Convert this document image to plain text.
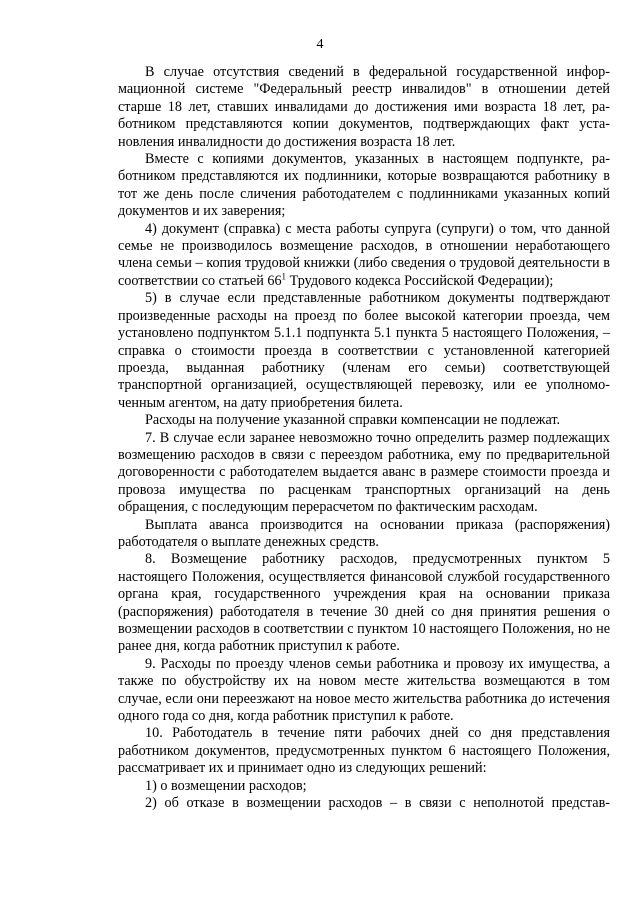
4

В случае отсутствия сведений в федеральной государственной информационной системе "Федеральный реестр инвалидов" в отношении детей старше 18 лет, ставших инвалидами до достижения ими возраста 18 лет, работником представляются копии документов, подтверждающих факт установления инвалидности до достижения возраста 18 лет.

Вместе с копиями документов, указанных в настоящем подпункте, работником представляются их подлинники, которые возвращаются работнику в тот же день после сличения работодателем с подлинниками указанных копий документов и их заверения;

4) документ (справка) с места работы супруга (супруги) о том, что данной семье не производилось возмещение расходов, в отношении неработающего члена семьи – копия трудовой книжки (либо сведения о трудовой деятельности в соответствии со статьей $66^1$ Трудового кодекса Российской Федерации);

5) в случае если представленные работником документы подтверждают произведенные расходы на проезд по более высокой категории проезда, чем установлено подпунктом 5.1.1 подпункта 5.1 пункта 5 настоящего Положения, – справка о стоимости проезда в соответствии с установленной категорией проезда, выданная работнику (членам его семьи) соответствующей транспортной организацией, осуществляющей перевозку, или ее уполномоченным агентом, на дату приобретения билета.

Расходы на получение указанной справки компенсации не подлежат.

7. В случае если заранее невозможно точно определить размер подлежащих возмещению расходов в связи с переездом работника, ему по предварительной договоренности с работодателем выдается аванс в размере стоимости проезда и провоза имущества по расценкам транспортных организаций на день обращения, с последующим перерасчетом по фактическим расходам.

Выплата аванса производится на основании приказа (распоряжения) работодателя о выплате денежных средств.

8. Возмещение работнику расходов, предусмотренных пунктом 5 настоящего Положения, осуществляется финансовой службой государственного органа края, государственного учреждения края на основании приказа (распоряжения) работодателя в течение 30 дней со дня принятия решения о возмещении расходов в соответствии с пунктом 10 настоящего Положения, но не ранее дня, когда работник приступил к работе.

9. Расходы по проезду членов семьи работника и провозу их имущества, а также по обустройству их на новом месте жительства возмещаются в том случае, если они переезжают на новое место жительства работника до истечения одного года со дня, когда работник приступил к работе.

10. Работодатель в течение пяти рабочих дней со дня представления работником документов, предусмотренных пунктом 6 настоящего Положения, рассматривает их и принимает одно из следующих решений:

1) о возмещении расходов;

2) об отказе в возмещении расходов – в связи с неполнотой представ-
